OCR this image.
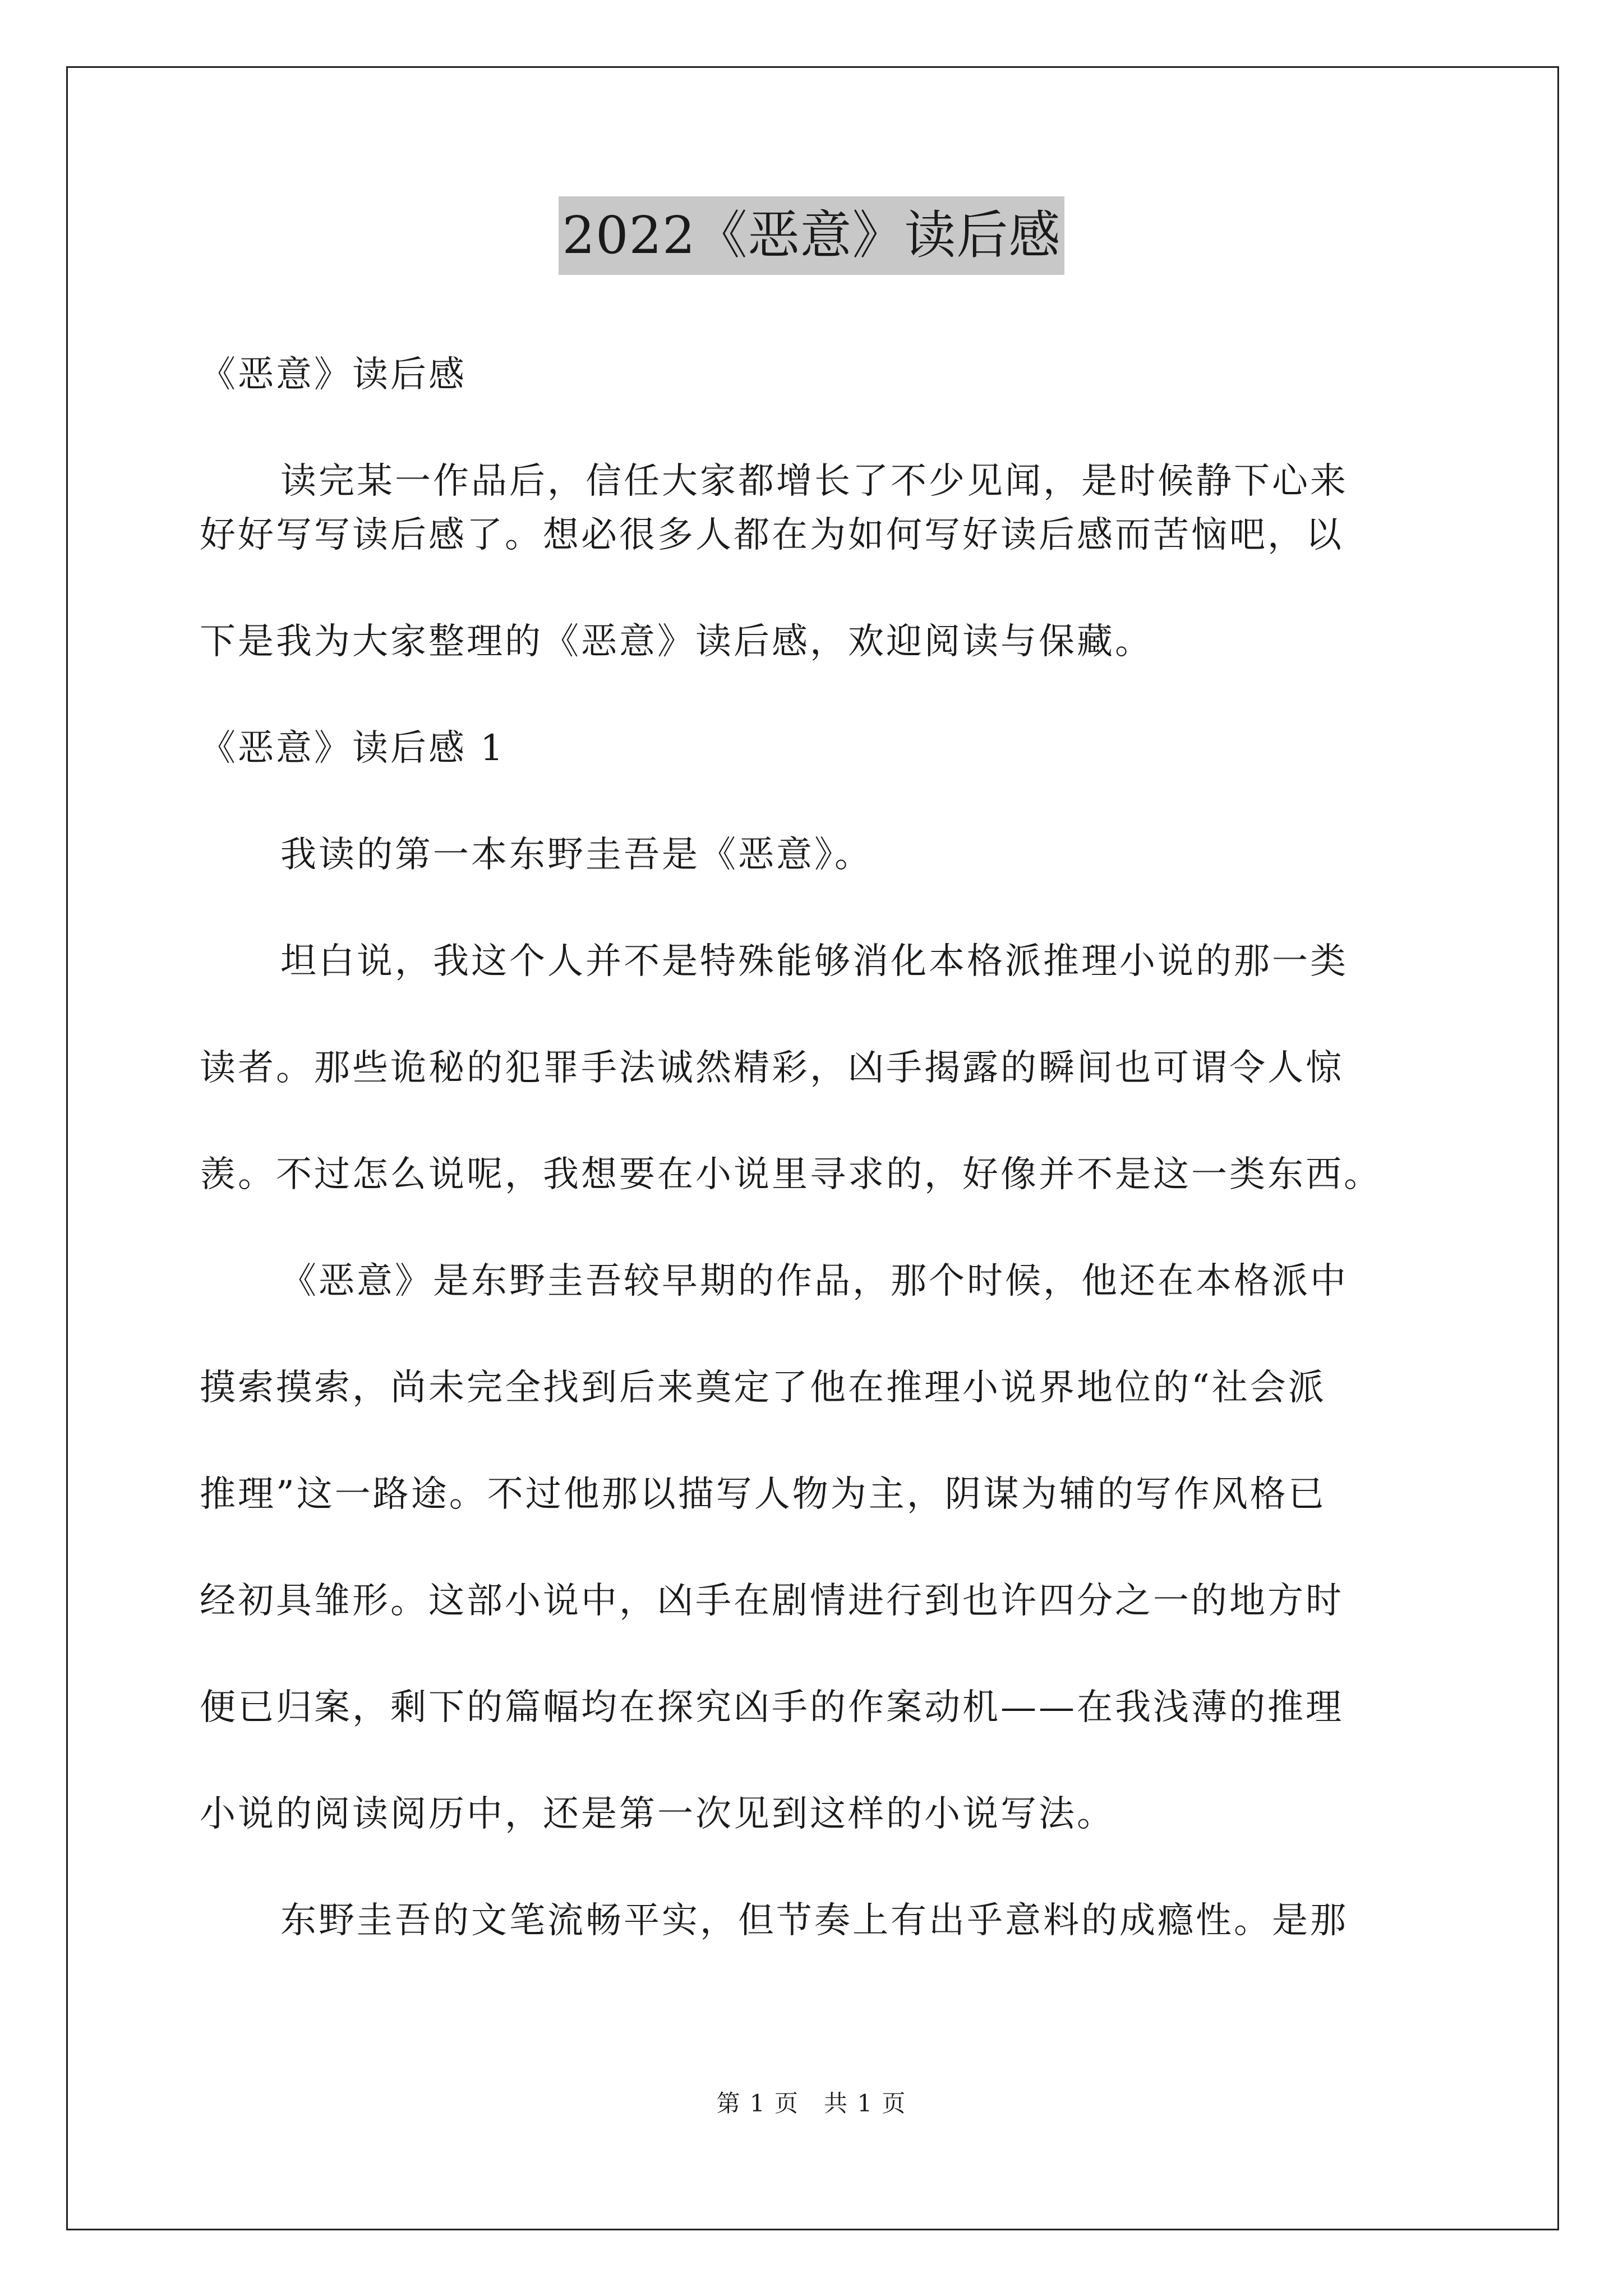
2022《恶意》读后感

《恶意》读后感

读完某一作品后，信任大家都增长了不少见闻，是时候静下心来

好好写写读后感了。想必很多人都在为如何写好读后感而苦恼吧，以

下是我为大家整理的《恶意》读后感，欢迎阅读与保藏。

《恶意》读后感 1

我读的第一本东野圭吾是《恶意》。

坦白说，我这个人并不是特殊能够消化本格派推理小说的那一类

读者。那些诡秘的犯罪手法诚然精彩，凶手揭露的瞬间也可谓令人惊

羡。不过怎么说呢，我想要在小说里寻求的，好像并不是这一类东西。

《恶意》是东野圭吾较早期的作品，那个时候，他还在本格派中

摸索摸索，尚未完全找到后来奠定了他在推理小说界地位的“社会派

推理”这一路途。不过他那以描写人物为主，阴谋为辅的写作风格已

经初具雏形。这部小说中，凶手在剧情进行到也许四分之一的地方时

便已归案，剩下的篇幅均在探究凶手的作案动机——在我浅薄的推理

小说的阅读阅历中，还是第一次见到这样的小说写法。

东野圭吾的文笔流畅平实，但节奏上有出乎意料的成瘾性。是那

第 1 页　共 1 页
